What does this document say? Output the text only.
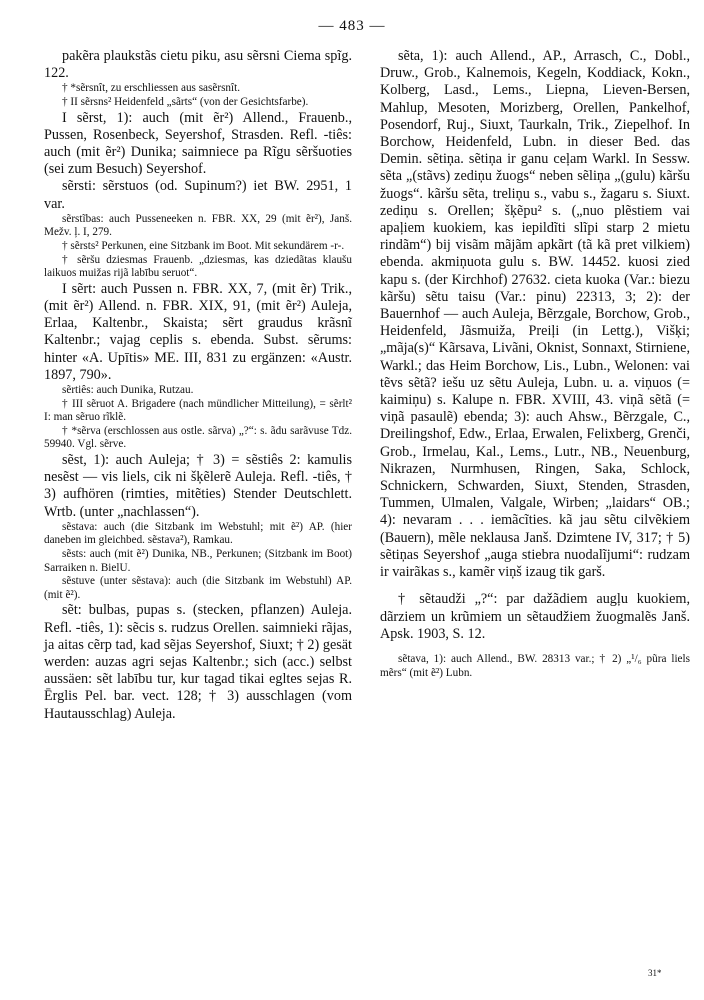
— 483 —

pakẽra plaukstãs cietu piku, asu sẽrsni Ciema spĩg. 122.

† *sẽrsnît, zu erschliessen aus sasẽrsnît.

† II sẽrsns² Heidenfeld „sãrts“ (von der Gesichtsfarbe).

I sẽrst, 1): auch (mit ẽr²) Allend., Frauenb., Pussen, Rosenbeck, Seyershof, Strasden. Refl. -tiês: auch (mit ẽr²) Dunika; saimniece pa Rĩgu sẽršuoties (sei zum Besuch) Seyershof.

sẽrsti: sẽrstuos (od. Supinum?) iet BW. 2951, 1 var.

sẽrstĩbas: auch Pusseneeken n. FBR. XX, 29 (mit ẽr²), Janš. Mežv. ļ. I, 279.

† sẽrsts² Perkunen, eine Sitzbank im Boot. Mit sekundärem -r-.

† sẽršu dziesmas Frauenb. „dziesmas, kas dziedãtas klaušu laikuos muižas rijã labību seruot“.

I sẽrt: auch Pussen n. FBR. XX, 7, (mit ẽr) Trik., (mit ẽr²) Allend. n. FBR. XIX, 91, (mit ẽr²) Auleja, Erlaa, Kaltenbr., Skaista; sẽrt graudus krãsnĩ Kaltenbr.; vajag ceplis s. ebenda. Subst. sẽrums: hinter «A. Upītis» ME. III, 831 zu ergänzen: «Austr. 1897, 790».

sẽrtiês: auch Dunika, Rutzau.

† III sẽruot A. Brigadere (nach mündlicher Mitteilung), = sẽrlt² I: man sẽruo rĩklẽ.

† *sẽrva (erschlossen aus ostle. sãrva) „?“: s. ãdu sarãvuse Tdz. 59940. Vgl. sẽrve.

sẽst, 1): auch Auleja; † 3) = sẽstiês 2: kamulis nesẽst — vis liels, cik ni šķẽlerẽ Auleja. Refl. -tiês, † 3) aufhören (rimties, mitẽties) Stender Deutschlett. Wrtb. (unter „nachlassen“).

sẽstava: auch (die Sitzbank im Webstuhl; mit ẽ²) AP. (hier daneben im gleichbed. sẽstava²), Ramkau.

sẽsts: auch (mit ẽ²) Dunika, NB., Perkunen; (Sitzbank im Boot) Sarraiken n. BielU.

sẽstuve (unter sẽstava): auch (die Sitzbank im Webstuhl) AP. (mit ẽ²).

sẽt: bulbas, pupas s. (stecken, pflanzen) Auleja. Refl. -tiês, 1): sẽcis s. rudzus Orellen. saimnieki rãjas, ja aitas cẽrp tad, kad sẽjas Seyershof, Siuxt; † 2) gesät werden: auzas agri sejas Kaltenbr.; sich (acc.) selbst aussäen: sẽt labību tur, kur tagad tikai egltes sejas R. Ērglis Pel. bar. vect. 128; † 3) ausschlagen (vom Hautausschlag) Auleja.

sẽta, 1): auch Allend., AP., Arrasch, C., Dobl., Druw., Grob., Kalnemois, Kegeln, Koddiack, Kokn., Kolberg, Lasd., Lems., Liepna, Lieven-Bersen, Mahlup, Mesoten, Morizberg, Orellen, Pankelhof, Posendorf, Ruj., Siuxt, Taurkaln, Trik., Ziepelhof. In Borchow, Heidenfeld, Lubn. in dieser Bed. das Demin. sẽtiņa. sẽtiņa ir ganu ceļam Warkl. In Sessw. sẽta „(stãvs) zediņu žuogs“ neben sẽliņa „(gulu) kãršu žuogs“. kãršu sẽta, treliņu s., vabu s., žagaru s. Siuxt. zediņu s. Orellen; šķẽpu² s. („nuo plẽstiem vai apaļiem kuokiem, kas iepildĩti slĩpi starp 2 mietu rindãm“) bij visãm mãjãm apkãrt (tã kã pret vilkiem) ebenda. akmiņuota gulu s. BW. 14452. kuosi zied kapu s. (der Kirchhof) 27632. cieta kuoka (Var.: biezu kãršu) sẽtu taisu (Var.: pinu) 22313, 3; 2): der Bauernhof — auch Auleja, Bẽrzgale, Borchow, Grob., Heidenfeld, Jãsmuiža, Preiļi (in Lettg.), Višķi; „mãja(s)“ Kãrsava, Livãni, Oknist, Sonnaxt, Stirniene, Warkl.; das Heim Borchow, Lis., Lubn., Welonen: vai tẽvs sẽtã? iešu uz sẽtu Auleja, Lubn. u. a. viņuos (= kaimiņu) s. Kalupe n. FBR. XVIII, 43. viņã sẽtã (= viņã pasaulẽ) ebenda; 3): auch Ahsw., Bẽrzgale, C., Dreilingshof, Edw., Erlaa, Erwalen, Felixberg, Grenči, Grob., Irmelau, Kal., Lems., Lutr., NB., Neuenburg, Nikrazen, Nurmhusen, Ringen, Saka, Schlock, Schnickern, Schwarden, Siuxt, Stenden, Strasden, Tummen, Ulmalen, Valgale, Wirben; „laidars“ OB.; 4): nevaram . . . iemãcĩties. kã jau sẽtu cilvẽkiem (Bauern), mẽle neklausa Janš. Dzimtene IV, 317; † 5) sẽtiņas Seyershof „auga stiebra nuodalĩjumi“: rudzam ir vairãkas s., kamẽr viņš izaug tik garš.

† sẽtaudži „?“: par dažãdiem augļu kuokiem, dãrziem un krũmiem un sẽtaudžiem žuogmalẽs Janš. Apsk. 1903, S. 12.

sẽtava, 1): auch Allend., BW. 28313 var.; † 2) „¹/₆ pũra liels mẽrs“ (mit ẽ²) Lubn.

31*
